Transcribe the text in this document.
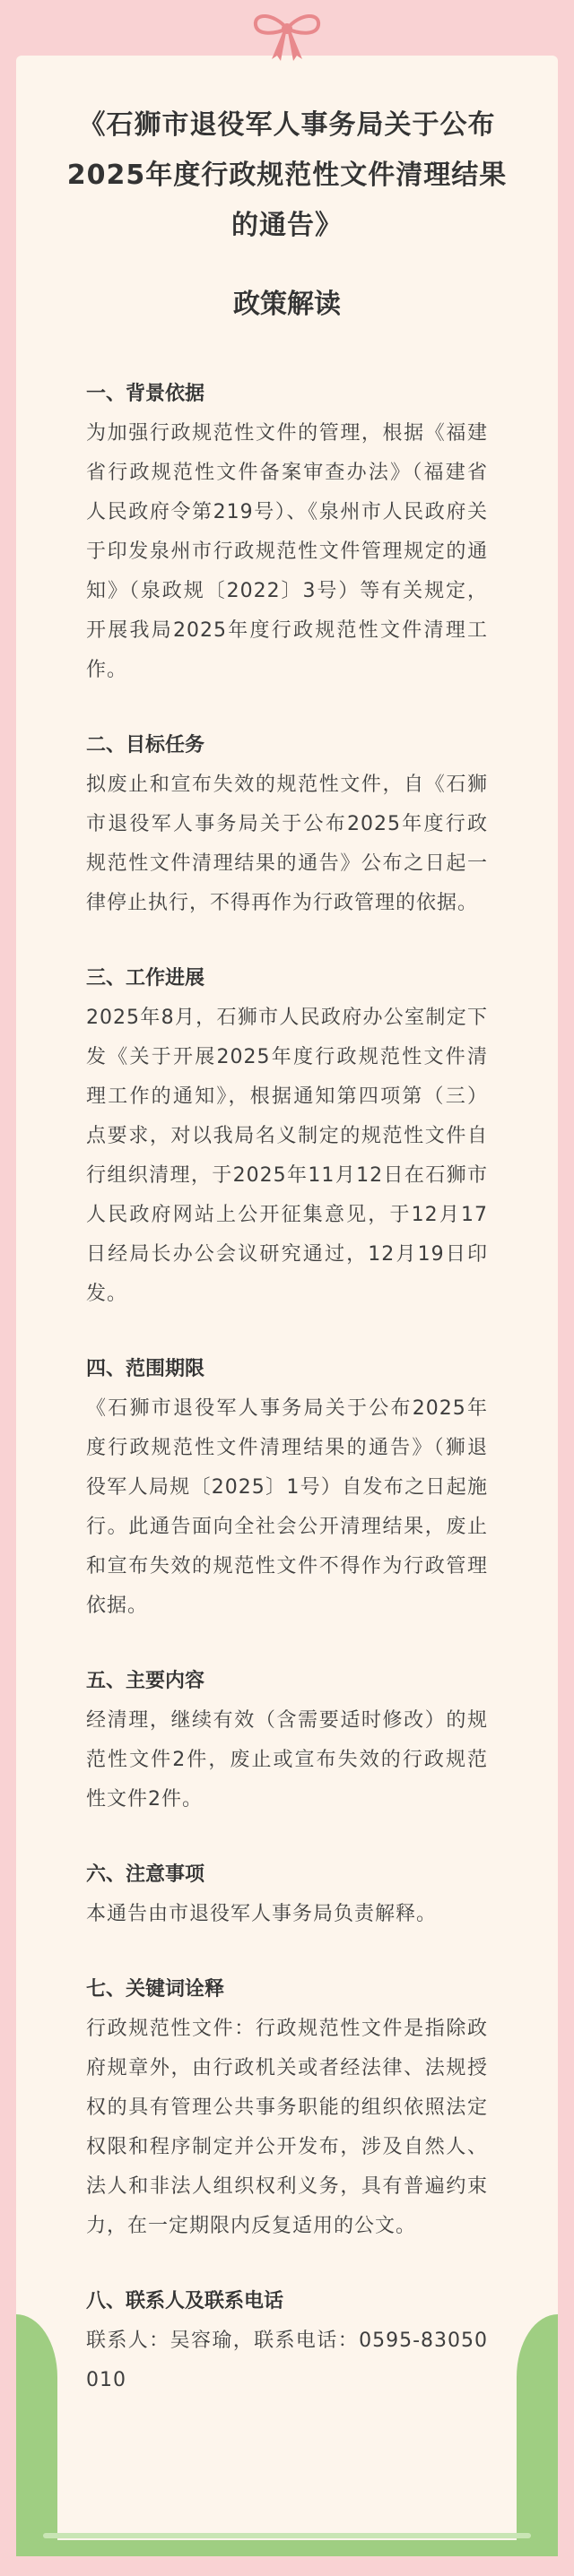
《石狮市退役军人事务局关于公布2025年度行政规范性文件清理结果的通告》
政策解读
一、背景依据
为加强行政规范性文件的管理，根据《福建省行政规范性文件备案审查办法》（福建省人民政府令第219号）、《泉州市人民政府关于印发泉州市行政规范性文件管理规定的通知》（泉政规〔2022〕3号）等有关规定，开展我局2025年度行政规范性文件清理工作。
二、目标任务
拟废止和宣布失效的规范性文件，自《石狮市退役军人事务局关于公布2025年度行政规范性文件清理结果的通告》公布之日起一律停止执行，不得再作为行政管理的依据。
三、工作进展
2025年8月，石狮市人民政府办公室制定下发《关于开展2025年度行政规范性文件清理工作的通知》，根据通知第四项第（三）点要求，对以我局名义制定的规范性文件自行组织清理，于2025年11月12日在石狮市人民政府网站上公开征集意见，于12月17日经局长办公会议研究通过，12月19日印发。
四、范围期限
《石狮市退役军人事务局关于公布2025年度行政规范性文件清理结果的通告》（狮退役军人局规〔2025〕1号）自发布之日起施行。此通告面向全社会公开清理结果，废止和宣布失效的规范性文件不得作为行政管理依据。
五、主要内容
经清理，继续有效（含需要适时修改）的规范性文件2件，废止或宣布失效的行政规范性文件2件。
六、注意事项
本通告由市退役军人事务局负责解释。
七、关键词诠释
行政规范性文件：行政规范性文件是指除政府规章外，由行政机关或者经法律、法规授权的具有管理公共事务职能的组织依照法定权限和程序制定并公开发布，涉及自然人、法人和非法人组织权利义务，具有普遍约束力，在一定期限内反复适用的公文。
八、联系人及联系电话
联系人：吴容瑜，联系电话：0595-83050010
